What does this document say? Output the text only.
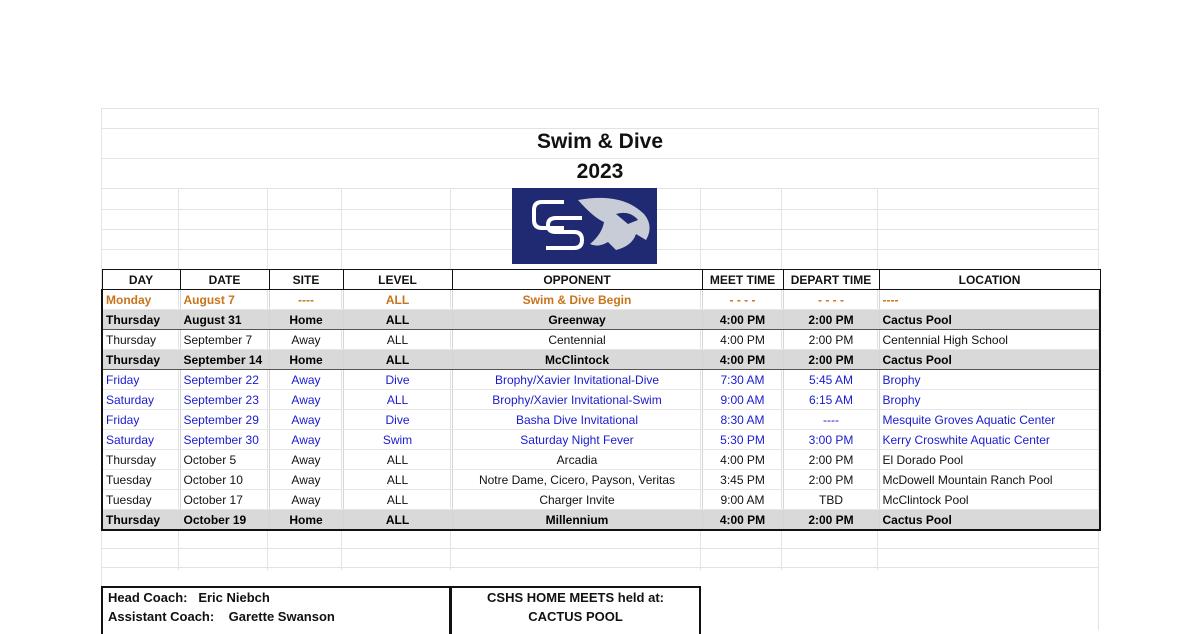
Swim & Dive
2023
DAY	DATE	SITE	LEVEL	OPPONENT	MEET TIME	DEPART TIME	LOCATION
Monday	August 7	----	ALL	Swim & Dive Begin	- - - -	- - - -	----
Thursday	August 31	Home	ALL	Greenway	4:00 PM	2:00 PM	Cactus Pool
Thursday	September 7	Away	ALL	Centennial	4:00 PM	2:00 PM	Centennial High School
Thursday	September 14	Home	ALL	McClintock	4:00 PM	2:00 PM	Cactus Pool
Friday	September 22	Away	Dive	Brophy/Xavier Invitational-Dive	7:30 AM	5:45 AM	Brophy
Saturday	September 23	Away	ALL	Brophy/Xavier Invitational-Swim	9:00 AM	6:15 AM	Brophy
Friday	September 29	Away	Dive	Basha Dive Invitational	8:30 AM	----	Mesquite Groves Aquatic Center
Saturday	September 30	Away	Swim	Saturday Night Fever	5:30 PM	3:00 PM	Kerry Croswhite Aquatic Center
Thursday	October 5	Away	ALL	Arcadia	4:00 PM	2:00 PM	El Dorado Pool
Tuesday	October 10	Away	ALL	Notre Dame, Cicero, Payson, Veritas	3:45 PM	2:00 PM	McDowell Mountain Ranch Pool
Tuesday	October 17	Away	ALL	Charger Invite	9:00 AM	TBD	McClintock Pool
Thursday	October 19	Home	ALL	Millennium	4:00 PM	2:00 PM	Cactus Pool
Head Coach: Eric Niebch
Assistant Coach: Garette Swanson
CSHS HOME MEETS held at:
CACTUS POOL
